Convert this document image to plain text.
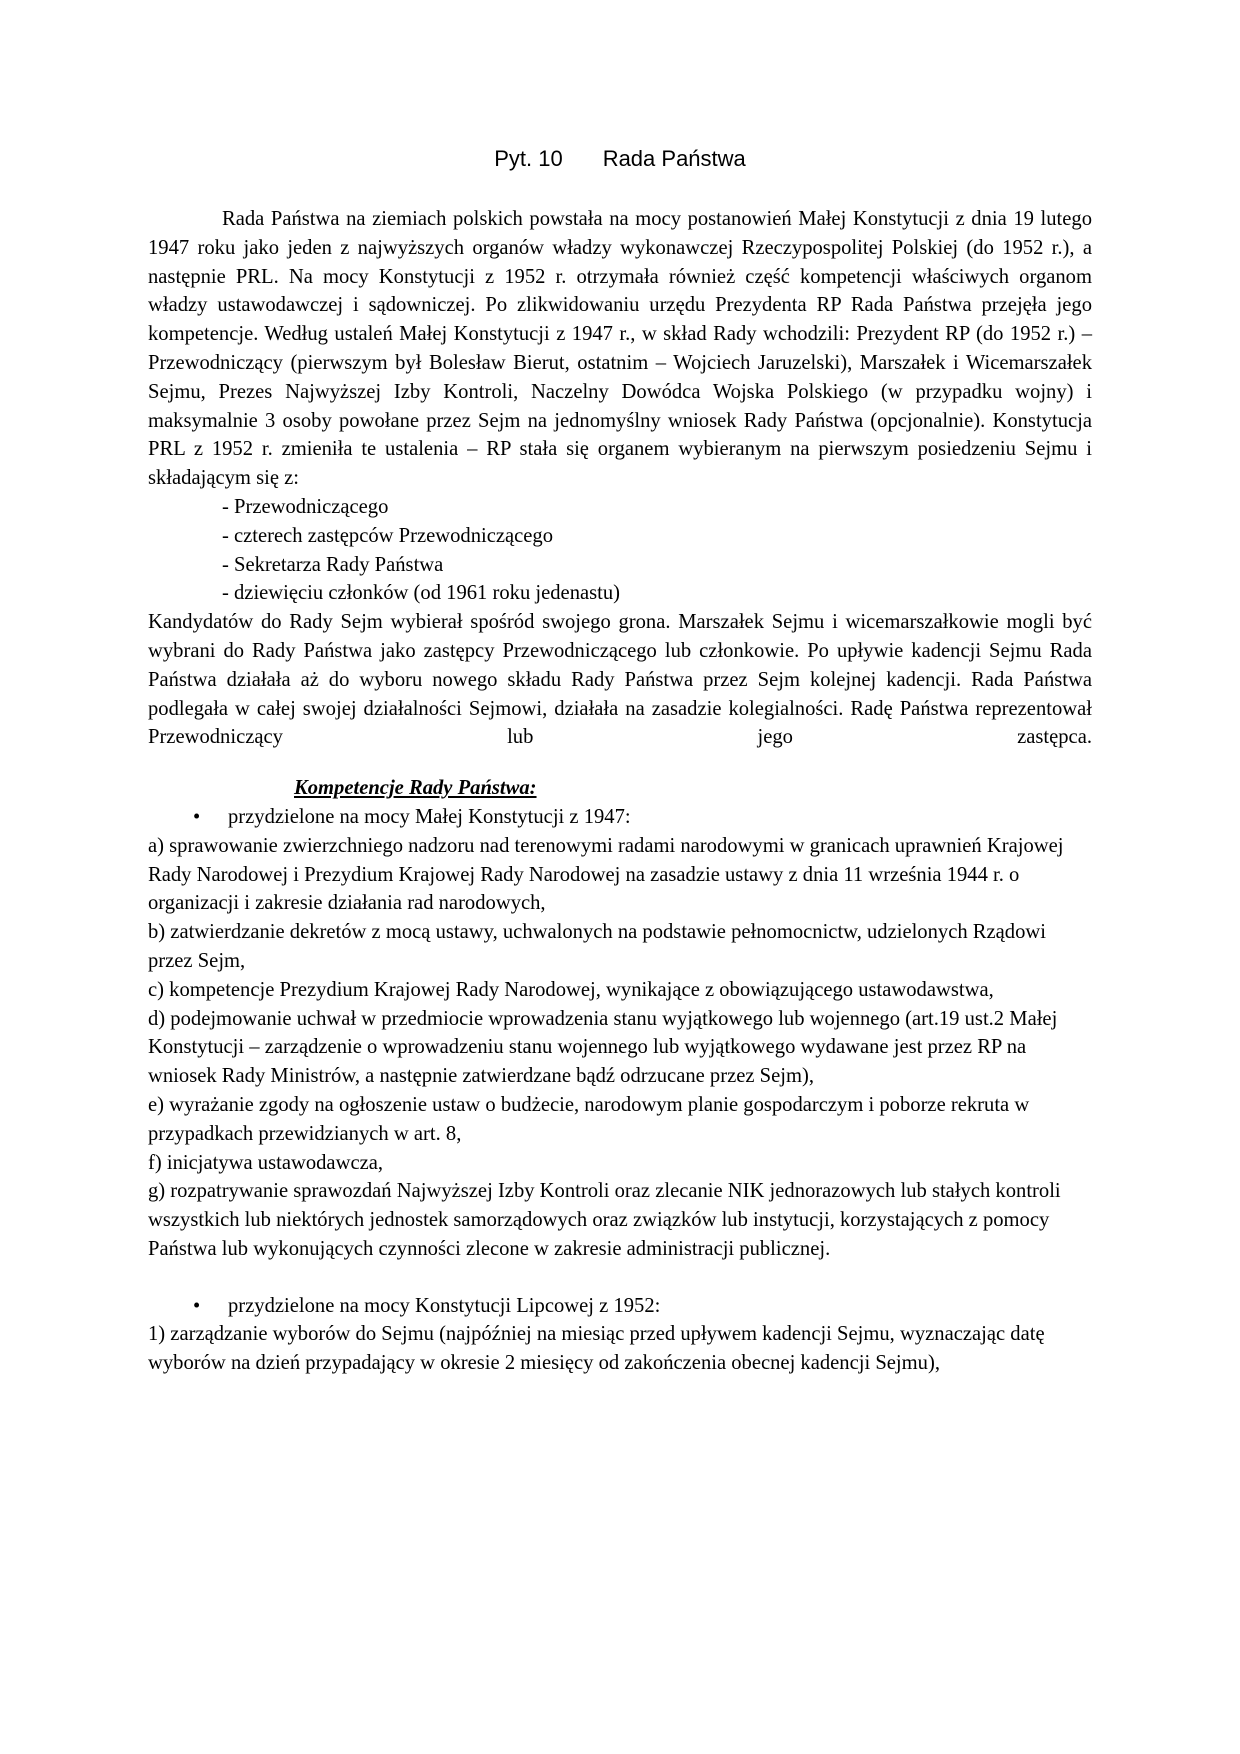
Pyt. 10 Rada Państwa

Rada Państwa na ziemiach polskich powstała na mocy postanowień Małej Konstytucji z dnia 19 lutego 1947 roku jako jeden z najwyższych organów władzy wykonawczej Rzeczypospolitej Polskiej (do 1952 r.), a następnie PRL. Na mocy Konstytucji z 1952 r. otrzymała również część kompetencji właściwych organom władzy ustawodawczej i sądowniczej. Po zlikwidowaniu urzędu Prezydenta RP Rada Państwa przejęła jego kompetencje. Według ustaleń Małej Konstytucji z 1947 r., w skład Rady wchodzili: Prezydent RP (do 1952 r.) – Przewodniczący (pierwszym był Bolesław Bierut, ostatnim – Wojciech Jaruzelski), Marszałek i Wicemarszałek Sejmu, Prezes Najwyższej Izby Kontroli, Naczelny Dowódca Wojska Polskiego (w przypadku wojny) i maksymalnie 3 osoby powołane przez Sejm na jednomyślny wniosek Rady Państwa (opcjonalnie). Konstytucja PRL z 1952 r. zmieniła te ustalenia – RP stała się organem wybieranym na pierwszym posiedzeniu Sejmu i składającym się z:

- Przewodniczącego

- czterech zastępców Przewodniczącego

- Sekretarza Rady Państwa

- dziewięciu członków (od 1961 roku jedenastu)

Kandydatów do Rady Sejm wybierał spośród swojego grona. Marszałek Sejmu i wicemarszałkowie mogli być wybrani do Rady Państwa jako zastępcy Przewodniczącego lub członkowie. Po upływie kadencji Sejmu Rada Państwa działała aż do wyboru nowego składu Rady Państwa przez Sejm kolejnej kadencji. Rada Państwa podlegała w całej swojej działalności Sejmowi, działała na zasadzie kolegialności. Radę Państwa reprezentował Przewodniczący lub jego zastępca.

Kompetencje Rady Państwa:

• przydzielone na mocy Małej Konstytucji z 1947:

a) sprawowanie zwierzchniego nadzoru nad terenowymi radami narodowymi w granicach uprawnień Krajowej Rady Narodowej i Prezydium Krajowej Rady Narodowej na zasadzie ustawy z dnia 11 września 1944 r. o organizacji i zakresie działania rad narodowych,

b) zatwierdzanie dekretów z mocą ustawy, uchwalonych na podstawie pełnomocnictw, udzielonych Rządowi przez Sejm,

c) kompetencje Prezydium Krajowej Rady Narodowej, wynikające z obowiązującego ustawodawstwa,

d) podejmowanie uchwał w przedmiocie wprowadzenia stanu wyjątkowego lub wojennego (art.19 ust.2 Małej Konstytucji – zarządzenie o wprowadzeniu stanu wojennego lub wyjątkowego wydawane jest przez RP na wniosek Rady Ministrów, a następnie zatwierdzane bądź odrzucane przez Sejm),

e) wyrażanie zgody na ogłoszenie ustaw o budżecie, narodowym planie gospodarczym i poborze rekruta w przypadkach przewidzianych w art. 8,

f) inicjatywa ustawodawcza,

g) rozpatrywanie sprawozdań Najwyższej Izby Kontroli oraz zlecanie NIK jednorazowych lub stałych kontroli wszystkich lub niektórych jednostek samorządowych oraz związków lub instytucji, korzystających z pomocy Państwa lub wykonujących czynności zlecone w zakresie administracji publicznej.

• przydzielone na mocy Konstytucji Lipcowej z 1952:

1) zarządzanie wyborów do Sejmu (najpóźniej na miesiąc przed upływem kadencji Sejmu, wyznaczając datę wyborów na dzień przypadający w okresie 2 miesięcy od zakończenia obecnej kadencji Sejmu),
